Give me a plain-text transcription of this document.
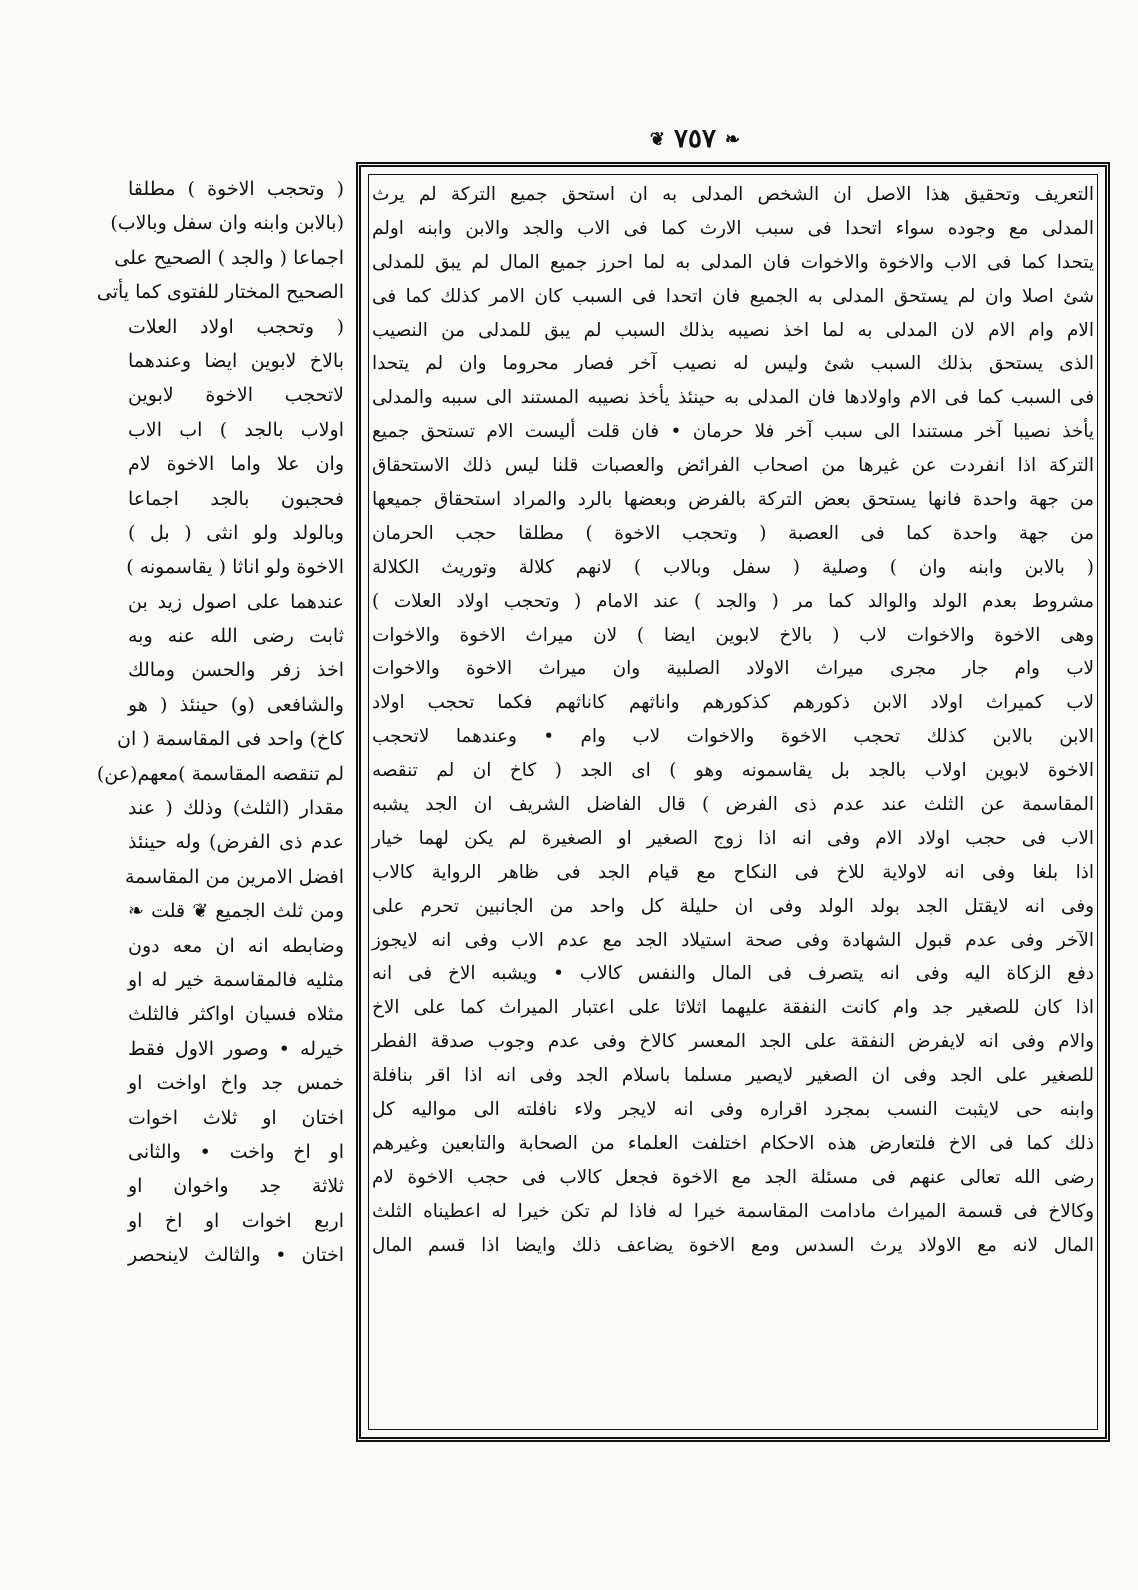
❦ ٧٥٧ ❧
التعريف وتحقيق هذا الاصل ان الشخص المدلى به ان استحق جميع التركة لم يرث
المدلى مع وجوده سواء اتحدا فى سبب الارث كما فى الاب والجد والابن وابنه اولم
يتحدا كما فى الاب والاخوة والاخوات فان المدلى به لما احرز جميع المال لم يبق للمدلى
شئ اصلا وان لم يستحق المدلى به الجميع فان اتحدا فى السبب كان الامر كذلك كما فى
الام وام الام لان المدلى به لما اخذ نصيبه بذلك السبب لم يبق للمدلى من النصيب
الذى يستحق بذلك السبب شئ وليس له نصيب آخر فصار محروما وان لم يتحدا
فى السبب كما فى الام واولادها فان المدلى به حينئذ يأخذ نصيبه المستند الى سببه والمدلى
يأخذ نصيبا آخر مستندا الى سبب آخر فلا حرمان • فان قلت أليست الام تستحق جميع
التركة اذا انفردت عن غيرها من اصحاب الفرائض والعصبات قلنا ليس ذلك الاستحقاق
من جهة واحدة فانها يستحق بعض التركة بالفرض وبعضها بالرد والمراد استحقاق جميعها
من جهة واحدة كما فى العصبة ( وتحجب الاخوة ) مطلقا حجب الحرمان
( بالابن وابنه وان ) وصلية ( سفل وبالاب ) لانهم كلالة وتوريث الكلالة
مشروط بعدم الولد والوالد كما مر ( والجد ) عند الامام ( وتحجب اولاد العلات )
وهى الاخوة والاخوات لاب ( بالاخ لابوين ايضا ) لان ميراث الاخوة والاخوات
لاب وام جار مجرى ميراث الاولاد الصلبية وان ميراث الاخوة والاخوات
لاب كميراث اولاد الابن ذكورهم كذكورهم واناثهم كاناثهم فكما تحجب اولاد
الابن بالابن كذلك تحجب الاخوة والاخوات لاب وام • وعندهما لاتحجب
الاخوة لابوين اولاب بالجد بل يقاسمونه وهو ) اى الجد ( كاخ ان لم تنقصه
المقاسمة عن الثلث عند عدم ذى الفرض ) قال الفاضل الشريف ان الجد يشبه
الاب فى حجب اولاد الام وفى انه اذا زوج الصغير او الصغيرة لم يكن لهما خيار
اذا بلغا وفى انه لاولاية للاخ فى النكاح مع قيام الجد فى ظاهر الرواية كالاب
وفى انه لايقتل الجد بولد الولد وفى ان حليلة كل واحد من الجانبين تحرم على
الآخر وفى عدم قبول الشهادة وفى صحة استيلاد الجد مع عدم الاب وفى انه لايجوز
دفع الزكاة اليه وفى انه يتصرف فى المال والنفس كالاب • ويشبه الاخ فى انه
اذا كان للصغير جد وام كانت النفقة عليهما اثلاثا على اعتبار الميراث كما على الاخ
والام وفى انه لايفرض النفقة على الجد المعسر كالاخ وفى عدم وجوب صدقة الفطر
للصغير على الجد وفى ان الصغير لايصير مسلما باسلام الجد وفى انه اذا اقر بنافلة
وابنه حى لايثبت النسب بمجرد اقراره وفى انه لايجر ولاء نافلته الى مواليه كل
ذلك كما فى الاخ فلتعارض هذه الاحكام اختلفت العلماء من الصحابة والتابعين وغيرهم
رضى الله تعالى عنهم فى مسئلة الجد مع الاخوة فجعل كالاب فى حجب الاخوة لام
وكالاخ فى قسمة الميراث مادامت المقاسمة خيرا له فاذا لم تكن خيرا له اعطيناه الثلث
المال لانه مع الاولاد يرث السدس ومع الاخوة يضاعف ذلك وايضا اذا قسم المال
( وتحجب الاخوة ) مطلقا
(بالابن وابنه وان سفل وبالاب)
اجماعا ( والجد ) الصحيح على
الصحيح المختار للفتوى كما يأتى
( وتحجب اولاد العلات
بالاخ لابوين ايضا وعندهما
لاتحجب الاخوة لابوين
اولاب بالجد ) اب الاب
وان علا واما الاخوة لام
فحجبون بالجد اجماعا
وبالولد ولو انثى ( بل )
الاخوة ولو اناثا ( يقاسمونه )
عندهما على اصول زيد بن
ثابت رضى الله عنه وبه
اخذ زفر والحسن ومالك
والشافعى (و) حينئذ ( هو
كاخ) واحد فى المقاسمة ( ان
لم تنقصه المقاسمة )معهم(عن)
مقدار (الثلث) وذلك ( عند
عدم ذى الفرض) وله حينئذ
افضل الامرين من المقاسمة
ومن ثلث الجميع ❦ قلت ❧
وضابطه انه ان معه دون
مثليه فالمقاسمة خير له او
مثلاه فسيان اواكثر فالثلث
خيرله • وصور الاول فقط
خمس جد واخ اواخت او
اختان او ثلاث اخوات
او اخ واخت • والثانى
ثلاثة جد واخوان او
اربع اخوات او اخ او
اختان • والثالث لاينحصر
